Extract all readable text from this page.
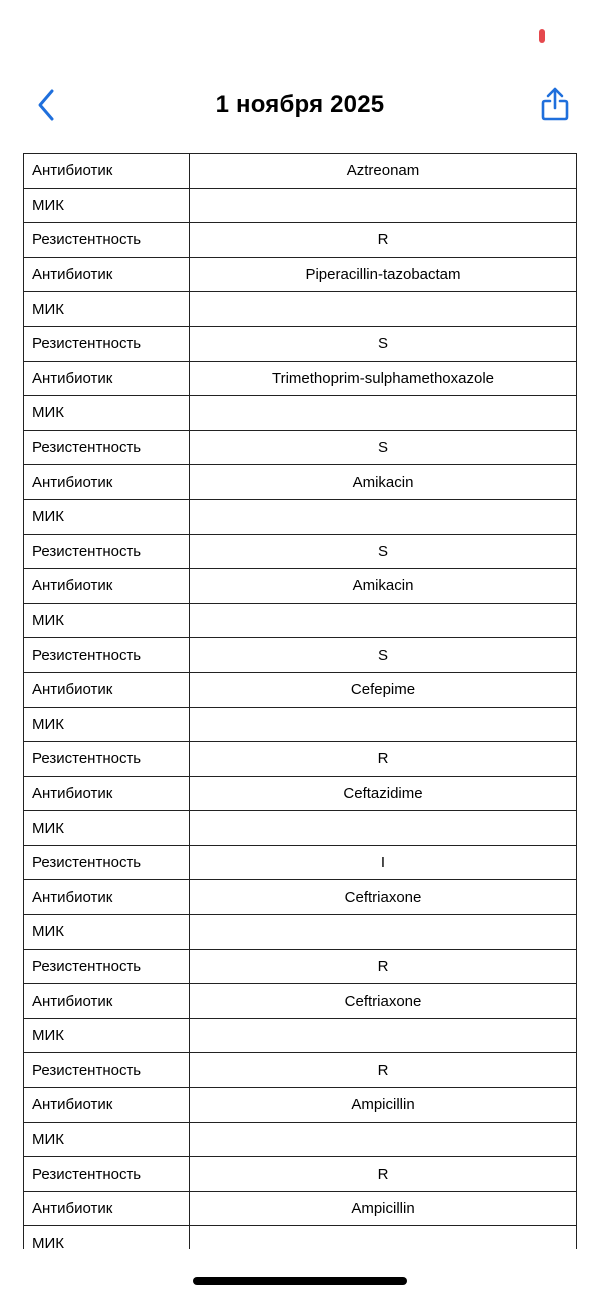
1 ноября 2025
Антибиотик	Aztreonam
МИК	
Резистентность	R
Антибиотик	Piperacillin-tazobactam
МИК	
Резистентность	S
Антибиотик	Trimethoprim-sulphamethoxazole
МИК	
Резистентность	S
Антибиотик	Amikacin
МИК	
Резистентность	S
Антибиотик	Amikacin
МИК	
Резистентность	S
Антибиотик	Cefepime
МИК	
Резистентность	R
Антибиотик	Ceftazidime
МИК	
Резистентность	I
Антибиотик	Ceftriaxone
МИК	
Резистентность	R
Антибиотик	Ceftriaxone
МИК	
Резистентность	R
Антибиотик	Ampicillin
МИК	
Резистентность	R
Антибиотик	Ampicillin
МИК	
